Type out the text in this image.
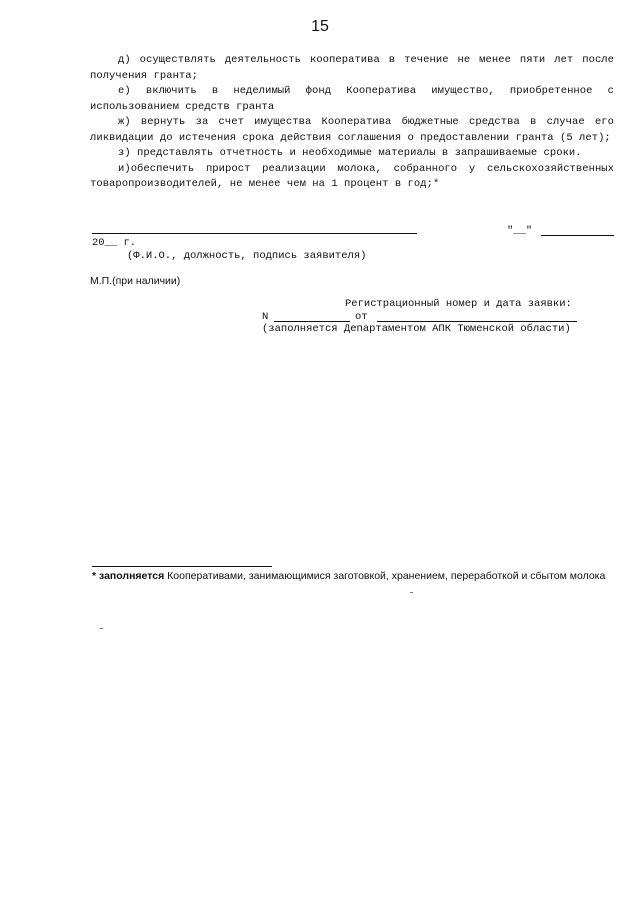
15

д) осуществлять деятельность кооператива в течение не менее пяти лет после получения гранта;

е) включить в неделимый фонд Кооператива имущество, приобретенное с использованием средств гранта

ж) вернуть за счет имущества Кооператива бюджетные средства в случае его ликвидации до истечения срока действия соглашения о предоставлении гранта (5 лет);

з) представлять отчетность и необходимые материалы в запрашиваемые сроки.

и)обеспечить прирост реализации молока, собранного у сельскохозяйственных товаропроизводителей, не менее чем на 1 процент в год;*

"__"
20__ г.
(Ф.И.О., должность, подпись заявителя)
М.П.(при наличии)
Регистрационный номер и дата заявки:
N	от
(заполняется Департаментом АПК Тюменской области)
* заполняется Кооперативами, занимающимися заготовкой, хранением, переработкой и сбытом молока
